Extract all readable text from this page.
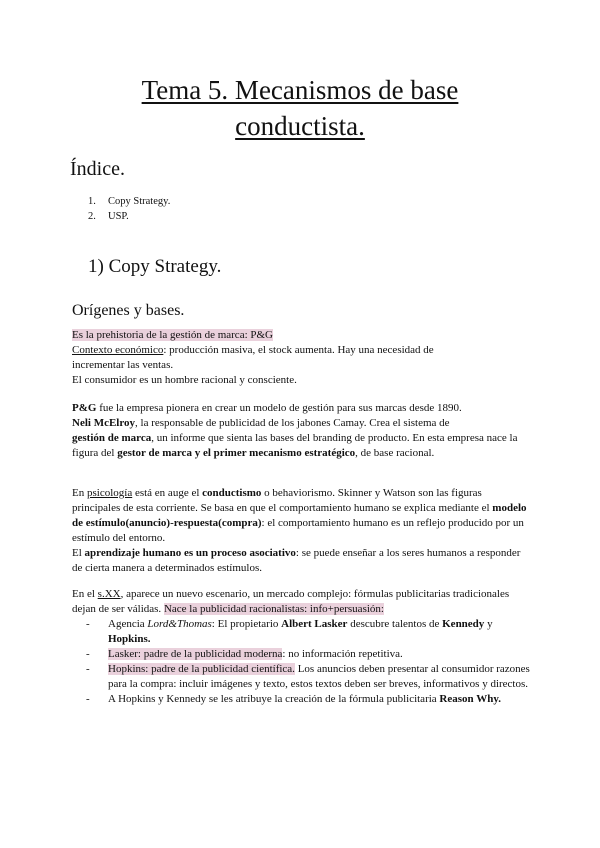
Tema 5. Mecanismos de base
conductista.
Índice.
1. Copy Strategy.
2. USP.
1) Copy Strategy.
Orígenes y bases.
Es la prehistoria de la gestión de marca: P&G
Contexto económico: producción masiva, el stock aumenta. Hay una necesidad de
incrementar las ventas.
El consumidor es un hombre racional y consciente.
P&G fue la empresa pionera en crear un modelo de gestión para sus marcas desde 1890.
Neli McElroy, la responsable de publicidad de los jabones Camay. Crea el sistema de
gestión de marca, un informe que sienta las bases del branding de producto. En esta empresa nace la figura del gestor de marca y el primer mecanismo estratégico, de base racional.
En psicología está en auge el conductismo o behaviorismo. Skinner y Watson son las figuras principales de esta corriente. Se basa en que el comportamiento humano se explica mediante el modelo de estímulo(anuncio)-respuesta(compra): el comportamiento humano es un reflejo producido por un estímulo del entorno.
El aprendizaje humano es un proceso asociativo: se puede enseñar a los seres humanos a responder de cierta manera a determinados estímulos.
En el s.XX, aparece un nuevo escenario, un mercado complejo: fórmulas publicitarias tradicionales dejan de ser válidas. Nace la publicidad racionalistas: info+persuasión:
- Agencia Lord&Thomas: El propietario Albert Lasker descubre talentos de Kennedy y Hopkins.
- Lasker: padre de la publicidad moderna: no información repetitiva.
- Hopkins: padre de la publicidad científica. Los anuncios deben presentar al consumidor razones para la compra: incluir imágenes y texto, estos textos deben ser breves, informativos y directos.
- A Hopkins y Kennedy se les atribuye la creación de la fórmula publicitaria Reason Why.
